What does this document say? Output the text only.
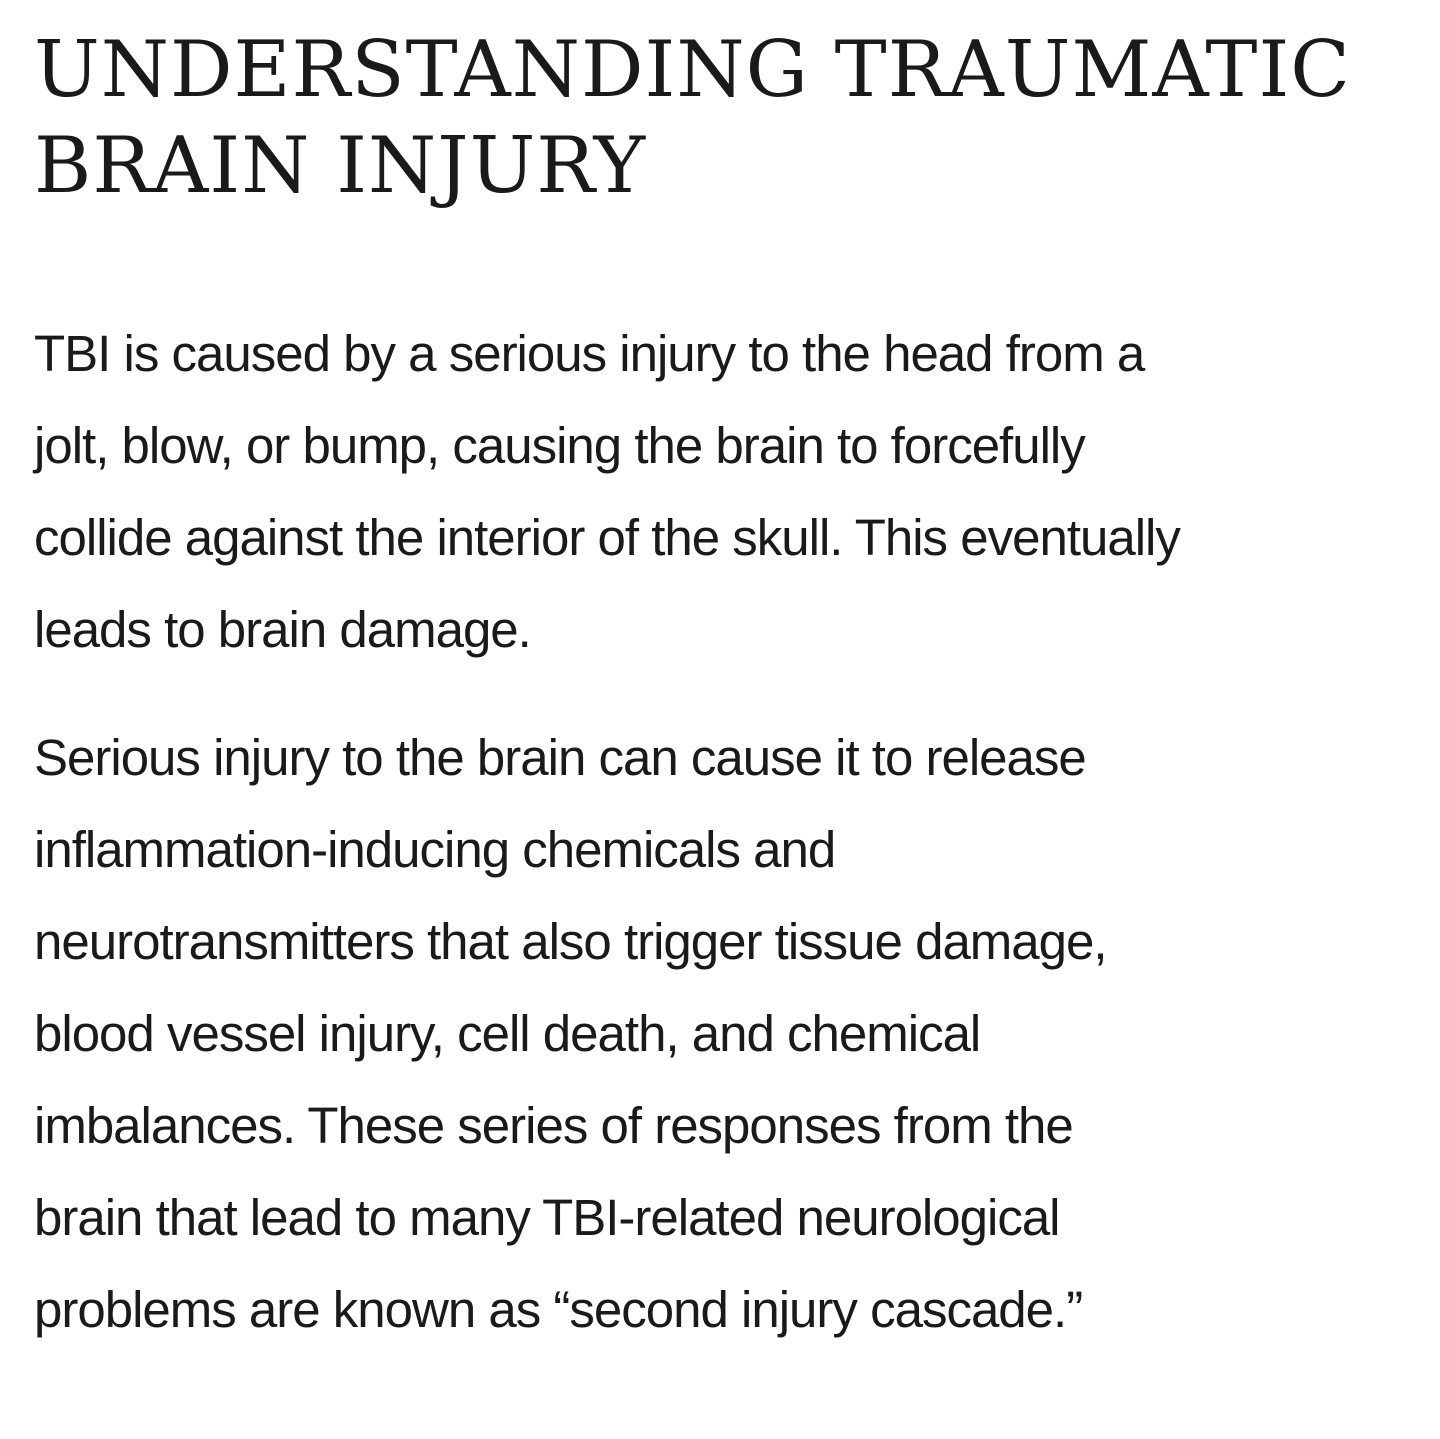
UNDERSTANDING TRAUMATIC
BRAIN INJURY

TBI is caused by a serious injury to the head from a
jolt, blow, or bump, causing the brain to forcefully
collide against the interior of the skull. This eventually
leads to brain damage.

Serious injury to the brain can cause it to release
inflammation-inducing chemicals and
neurotransmitters that also trigger tissue damage,
blood vessel injury, cell death, and chemical
imbalances. These series of responses from the
brain that lead to many TBI-related neurological
problems are known as “second injury cascade.”
